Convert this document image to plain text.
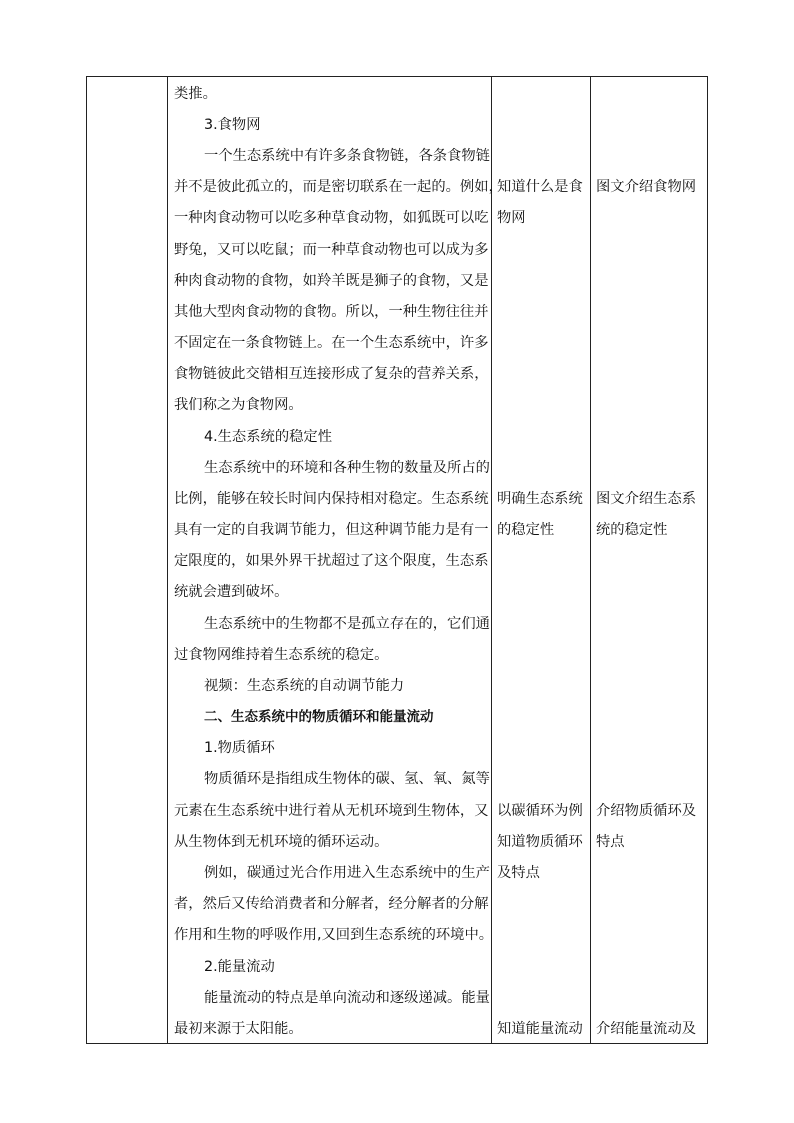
类推。
3.食物网
一个生态系统中有许多条食物链，各条食物链
并不是彼此孤立的，而是密切联系在一起的。例如，
一种肉食动物可以吃多种草食动物，如狐既可以吃
野兔，又可以吃鼠；而一种草食动物也可以成为多
种肉食动物的食物，如羚羊既是狮子的食物，又是
其他大型肉食动物的食物。所以，一种生物往往并
不固定在一条食物链上。在一个生态系统中，许多
食物链彼此交错相互连接形成了复杂的营养关系，
我们称之为食物网。
4.生态系统的稳定性
生态系统中的环境和各种生物的数量及所占的
比例，能够在较长时间内保持相对稳定。生态系统
具有一定的自我调节能力，但这种调节能力是有一
定限度的，如果外界干扰超过了这个限度，生态系
统就会遭到破坏。
生态系统中的生物都不是孤立存在的，它们通
过食物网维持着生态系统的稳定。
视频：生态系统的自动调节能力
二、生态系统中的物质循环和能量流动
1.物质循环
物质循环是指组成生物体的碳、氢、氧、氮等
元素在生态系统中进行着从无机环境到生物体，又
从生物体到无机环境的循环运动。
例如，碳通过光合作用进入生态系统中的生产
者，然后又传给消费者和分解者，经分解者的分解
作用和生物的呼吸作用,又回到生态系统的环境中。
2.能量流动
能量流动的特点是单向流动和逐级递减。能量
最初来源于太阳能。
知道什么是食
物网
明确生态系统
的稳定性
以碳循环为例
知道物质循环
及特点
知道能量流动
图文介绍食物网
图文介绍生态系
统的稳定性
介绍物质循环及
特点
介绍能量流动及
